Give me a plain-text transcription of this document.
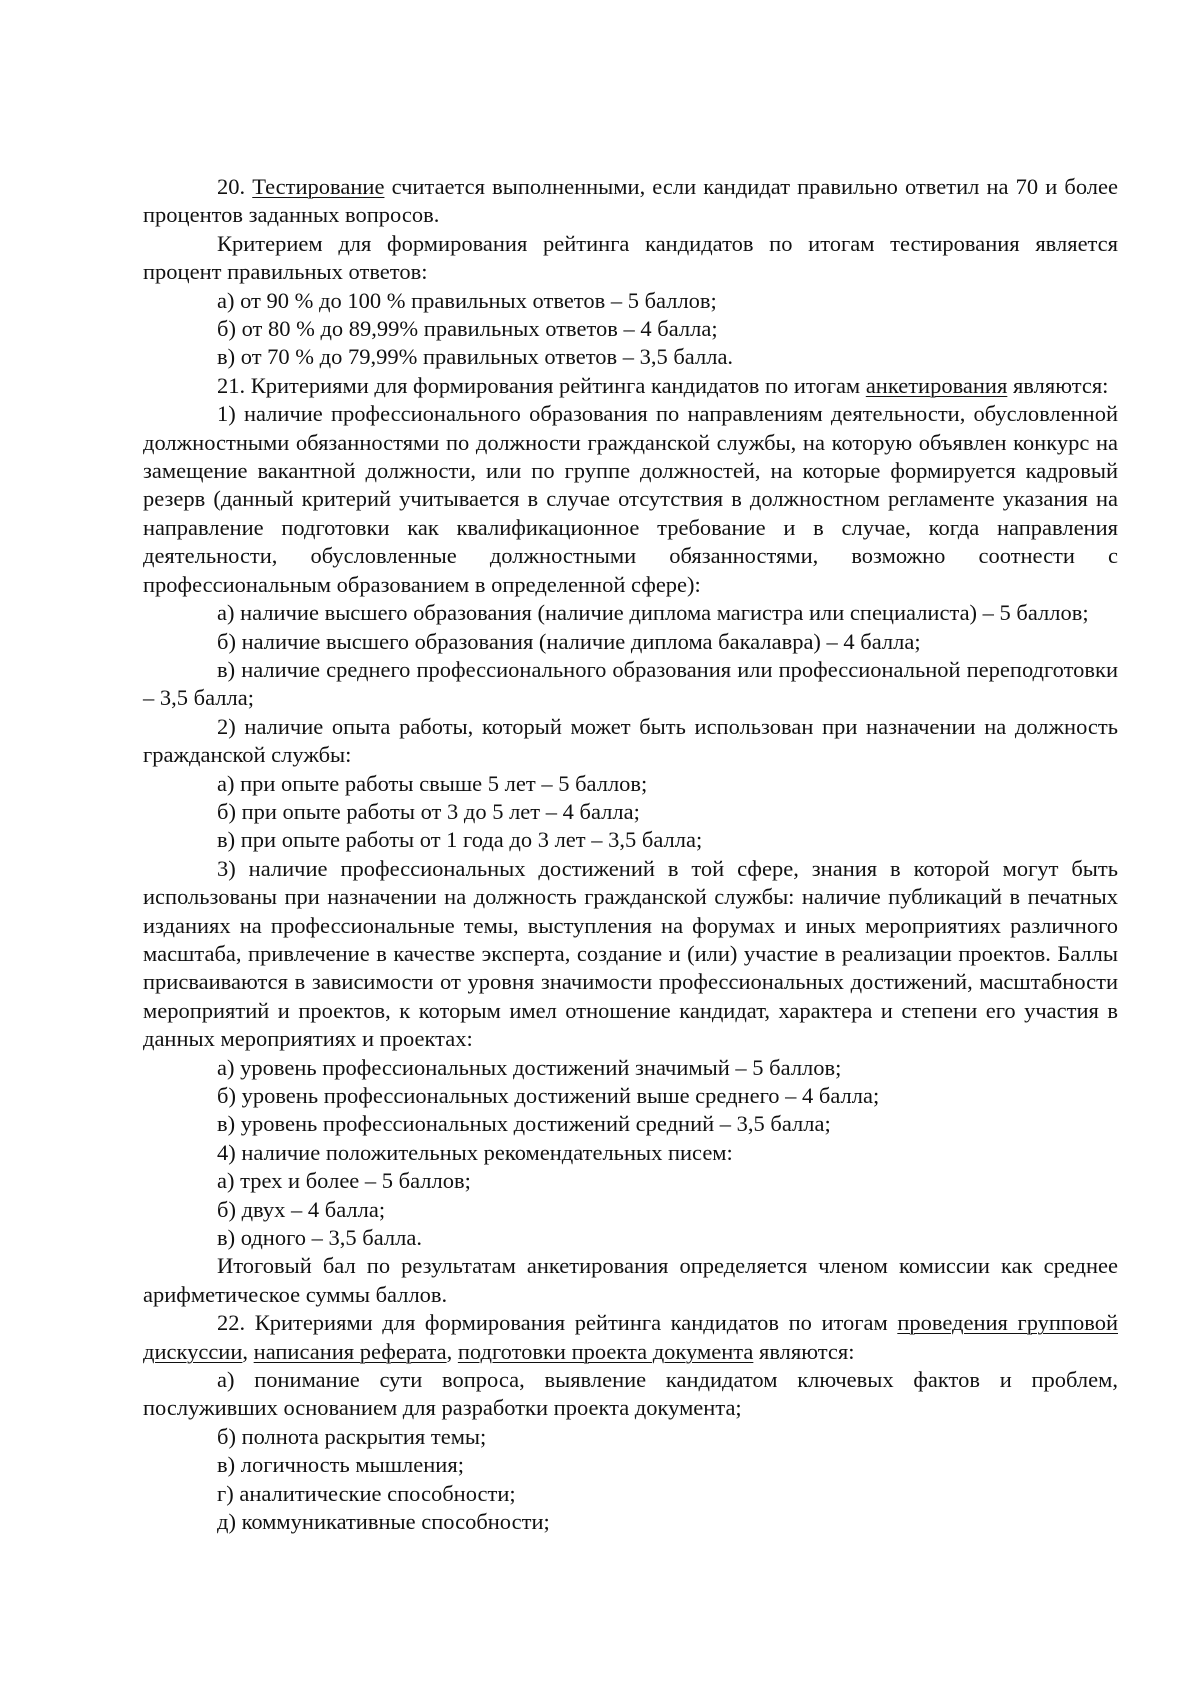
20. Тестирование считается выполненными, если кандидат правильно ответил на 70 и более процентов заданных вопросов.

Критерием для формирования рейтинга кандидатов по итогам тестирования является процент правильных ответов:

а) от 90 % до 100 % правильных ответов – 5 баллов;

б) от 80 % до 89,99% правильных ответов – 4 балла;

в) от 70 % до 79,99% правильных ответов – 3,5 балла.

21. Критериями для формирования рейтинга кандидатов по итогам анкетирования являются:

1) наличие профессионального образования по направлениям деятельности, обусловленной должностными обязанностями по должности гражданской службы, на которую объявлен конкурс на замещение вакантной должности, или по группе должностей, на которые формируется кадровый резерв (данный критерий учитывается в случае отсутствия в должностном регламенте указания на направление подготовки как квалификационное требование и в случае, когда направления деятельности, обусловленные должностными обязанностями, возможно соотнести с профессиональным образованием в определенной сфере):

а) наличие высшего образования (наличие диплома магистра или специалиста) – 5 баллов;

б) наличие высшего образования (наличие диплома бакалавра) – 4 балла;

в) наличие среднего профессионального образования или профессиональной переподготовки – 3,5 балла;

2) наличие опыта работы, который может быть использован при назначении на должность гражданской службы:

а) при опыте работы свыше 5 лет – 5 баллов;

б) при опыте работы от 3 до 5 лет – 4 балла;

в) при опыте работы от 1 года до 3 лет – 3,5 балла;

3) наличие профессиональных достижений в той сфере, знания в которой могут быть использованы при назначении на должность гражданской службы: наличие публикаций в печатных изданиях на профессиональные темы, выступления на форумах и иных мероприятиях различного масштаба, привлечение в качестве эксперта, создание и (или) участие в реализации проектов. Баллы присваиваются в зависимости от уровня значимости профессиональных достижений, масштабности мероприятий и проектов, к которым имел отношение кандидат, характера и степени его участия в данных мероприятиях и проектах:

а) уровень профессиональных достижений значимый – 5 баллов;

б) уровень профессиональных достижений выше среднего – 4 балла;

в) уровень профессиональных достижений средний – 3,5 балла;

4) наличие положительных рекомендательных писем:

а) трех и более – 5 баллов;

б) двух – 4 балла;

в) одного – 3,5 балла.

Итоговый бал по результатам анкетирования определяется членом комиссии как среднее арифметическое суммы баллов.

22. Критериями для формирования рейтинга кандидатов по итогам проведения групповой дискуссии, написания реферата, подготовки проекта документа являются:

а) понимание сути вопроса, выявление кандидатом ключевых фактов и проблем, послуживших основанием для разработки проекта документа;

б) полнота раскрытия темы;

в) логичность мышления;

г) аналитические способности;

д) коммуникативные способности;
